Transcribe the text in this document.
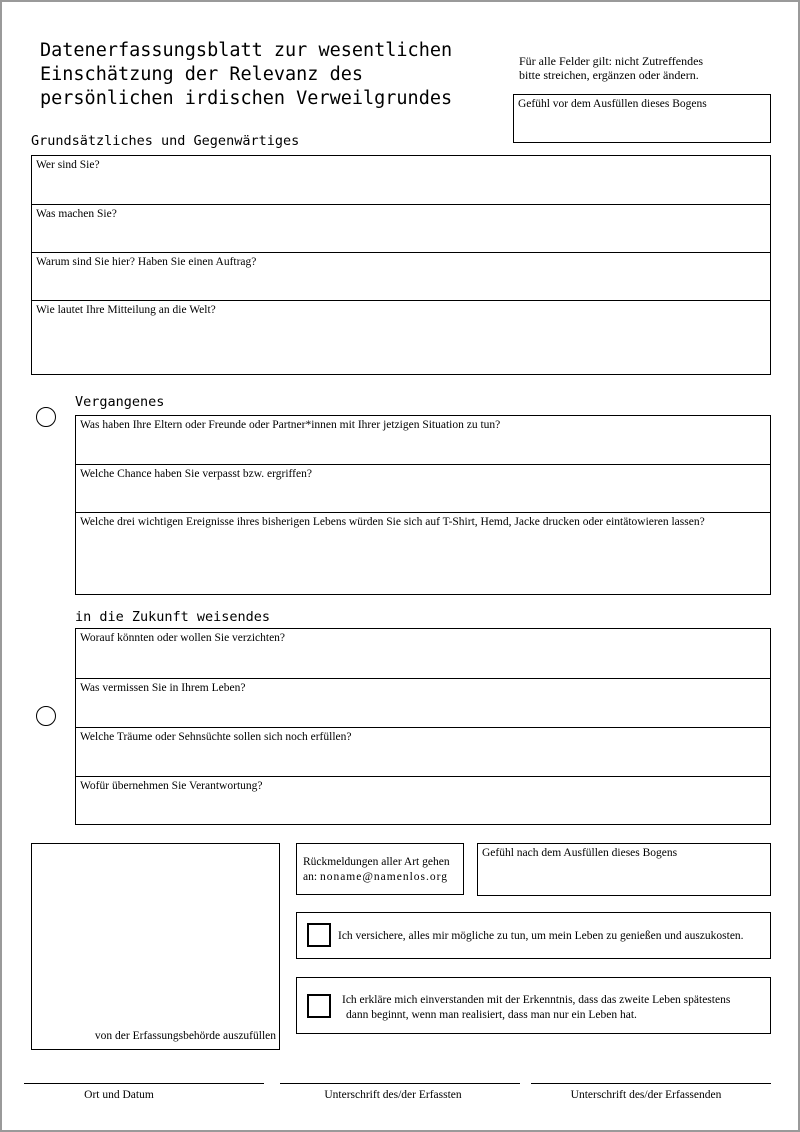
Datenerfassungsblatt zur wesentlichen
Einschätzung der Relevanz des
persönlichen irdischen Verweilgrundes
Für alle Felder gilt: nicht Zutreffendes
bitte streichen, ergänzen oder ändern.
Gefühl vor dem Ausfüllen dieses Bogens
Grundsätzliches und Gegenwärtiges
Wer sind Sie?
Was machen Sie?
Warum sind Sie hier? Haben Sie einen Auftrag?
Wie lautet Ihre Mitteilung an die Welt?
Vergangenes
Was haben Ihre Eltern oder Freunde oder Partner*innen mit Ihrer jetzigen Situation zu tun?
Welche Chance haben Sie verpasst bzw. ergriffen?
Welche drei wichtigen Ereignisse ihres bisherigen Lebens würden Sie sich auf T-Shirt, Hemd, Jacke drucken oder eintätowieren lassen?
in die Zukunft weisendes
Worauf könnten oder wollen Sie verzichten?
Was vermissen Sie in Ihrem Leben?
Welche Träume oder Sehnsüchte sollen sich noch erfüllen?
Wofür übernehmen Sie Verantwortung?
von der Erfassungsbehörde auszufüllen
Rückmeldungen aller Art gehen
an: noname@namenlos.org
Gefühl nach dem Ausfüllen dieses Bogens
Ich versichere, alles mir mögliche zu tun, um mein Leben zu genießen und auszukosten.
Ich erkläre mich einverstanden mit der Erkenntnis, dass das zweite Leben spätestens
dann beginnt, wenn man realisiert, dass man nur ein Leben hat.
Ort und Datum	Unterschrift des/der Erfassten	Unterschrift des/der Erfassenden
